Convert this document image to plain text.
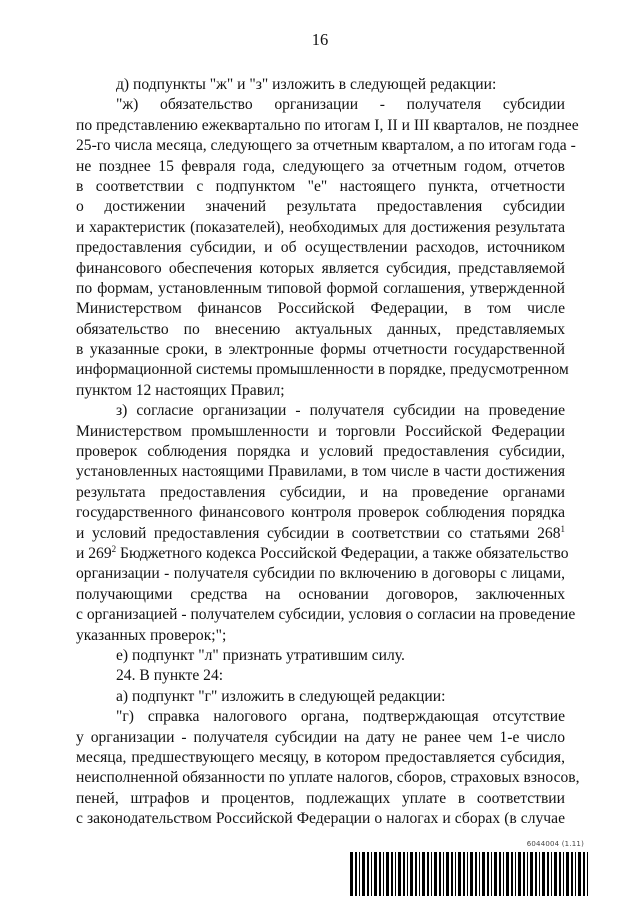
16
д) подпункты "ж" и "з" изложить в следующей редакции:
"ж) обязательство организации - получателя субсидии
по представлению ежеквартально по итогам I, II и III кварталов, не позднее
25-го числа месяца, следующего за отчетным кварталом, а по итогам года -
не позднее 15 февраля года, следующего за отчетным годом, отчетов
в соответствии с подпунктом "е" настоящего пункта, отчетности
о достижении значений результата предоставления субсидии
и характеристик (показателей), необходимых для достижения результата
предоставления субсидии, и об осуществлении расходов, источником
финансового обеспечения которых является субсидия, представляемой
по формам, установленным типовой формой соглашения, утвержденной
Министерством финансов Российской Федерации, в том числе
обязательство по внесению актуальных данных, представляемых
в указанные сроки, в электронные формы отчетности государственной
информационной системы промышленности в порядке, предусмотренном
пунктом 12 настоящих Правил;
з) согласие организации - получателя субсидии на проведение
Министерством промышленности и торговли Российской Федерации
проверок соблюдения порядка и условий предоставления субсидии,
установленных настоящими Правилами, в том числе в части достижения
результата предоставления субсидии, и на проведение органами
государственного финансового контроля проверок соблюдения порядка
и условий предоставления субсидии в соответствии со статьями $268^1$
и $269^2$ Бюджетного кодекса Российской Федерации, а также обязательство
организации - получателя субсидии по включению в договоры с лицами,
получающими средства на основании договоров, заключенных
с организацией - получателем субсидии, условия о согласии на проведение
указанных проверок;";
е) подпункт "л" признать утратившим силу.
24. В пункте 24:
а) подпункт "г" изложить в следующей редакции:
"г) справка налогового органа, подтверждающая отсутствие
у организации - получателя субсидии на дату не ранее чем 1-е число
месяца, предшествующего месяцу, в котором предоставляется субсидия,
неисполненной обязанности по уплате налогов, сборов, страховых взносов,
пеней, штрафов и процентов, подлежащих уплате в соответствии
с законодательством Российской Федерации о налогах и сборах (в случае
6044004 (1.11)
